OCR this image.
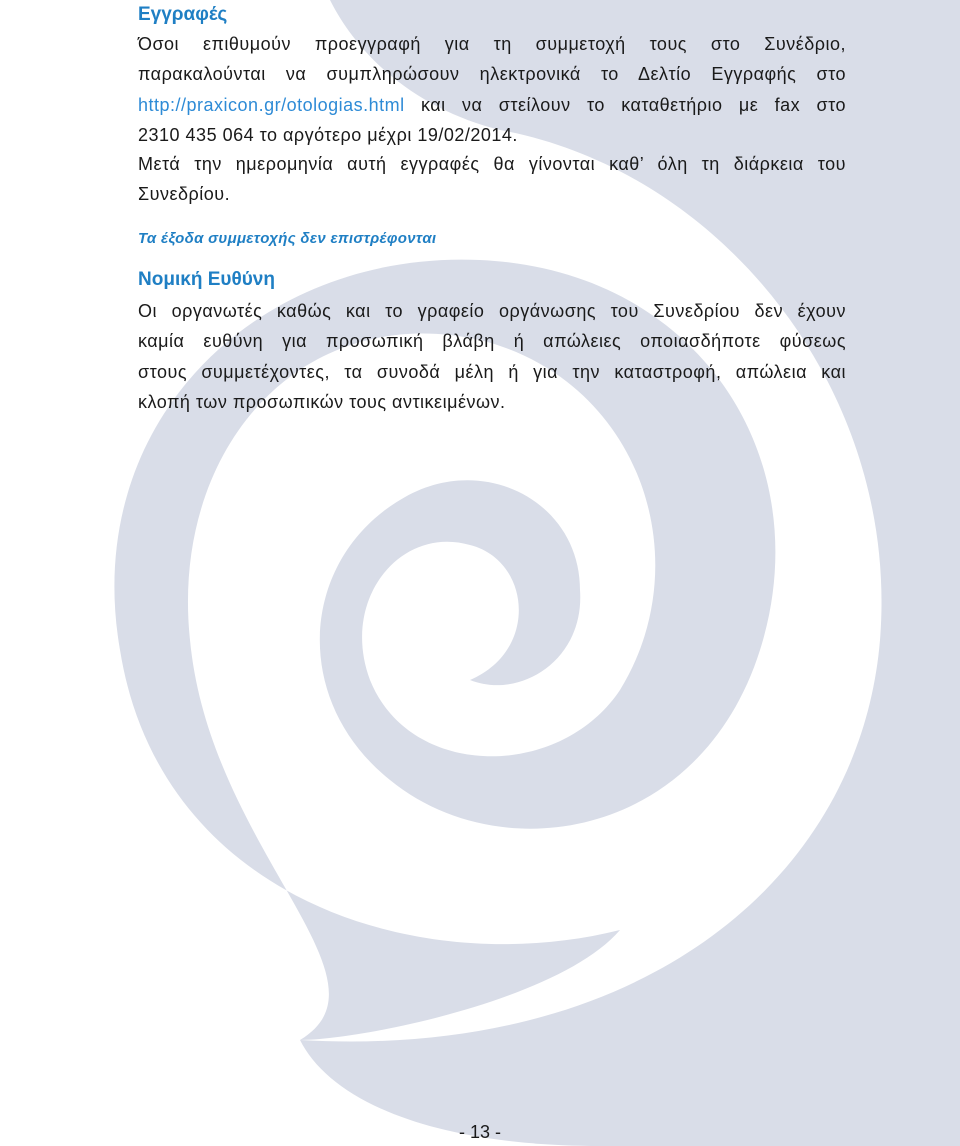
Εγγραφές
Όσοι επιθυμούν προεγγραφή για τη συμμετοχή τους στο Συνέδριο,
παρακαλούνται να συμπληρώσουν ηλεκτρονικά το Δελτίο Εγγραφής στο
http://praxicon.gr/otologias.html και να στείλουν το καταθετήριο με fax στο
2310 435 064 το αργότερο μέχρι 19/02/2014.
Μετά την ημερομηνία αυτή εγγραφές θα γίνονται καθ’ όλη τη διάρκεια του
Συνεδρίου.

Τα έξοδα συμμετοχής δεν επιστρέφονται

Νομική Ευθύνη
Οι οργανωτές καθώς και το γραφείο οργάνωσης του Συνεδρίου δεν έχουν
καμία ευθύνη για προσωπική βλάβη ή απώλειες οποιασδήποτε φύσεως
στους συμμετέχοντες, τα συνοδά μέλη ή για την καταστροφή, απώλεια και
κλοπή των προσωπικών τους αντικειμένων.
- 13 -
